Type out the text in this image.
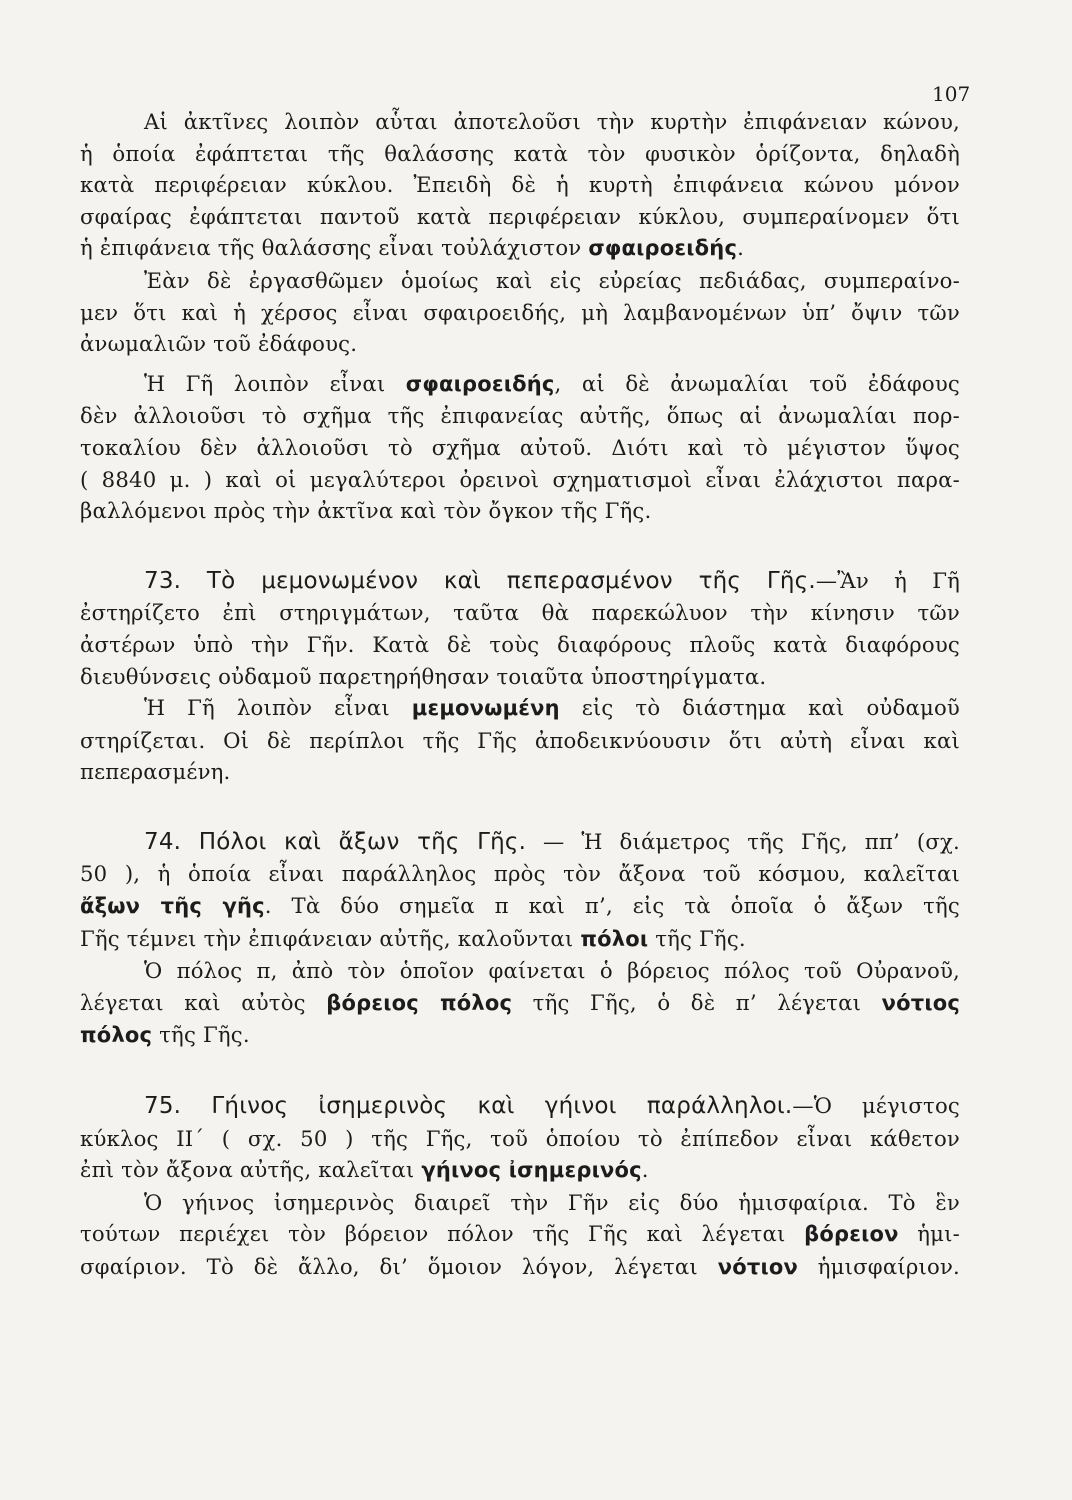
107

Αἱ ἀκτῖνες λοιπὸν αὗται ἀποτελοῦσι τὴν κυρτὴν ἐπιφάνειαν κώνου,

ἡ ὁποία ἐφάπτεται τῆς θαλάσσης κατὰ τὸν φυσικὸν ὁρίζοντα, δηλαδὴ

κατὰ περιφέρειαν κύκλου. Ἐπειδὴ δὲ ἡ κυρτὴ ἐπιφάνεια κώνου μόνον

σφαίρας ἐφάπτεται παντοῦ κατὰ περιφέρειαν κύκλου, συμπεραίνομεν ὅτι

ἡ ἐπιφάνεια τῆς θαλάσσης εἶναι τοὐλάχιστον σφαιροειδής.

Ἐὰν δὲ ἐργασθῶμεν ὁμοίως καὶ εἰς εὐρείας πεδιάδας, συμπεραίνο-

μεν ὅτι καὶ ἡ χέρσος εἶναι σφαιροειδής, μὴ λαμβανομένων ὑπ’ ὄψιν τῶν

ἀνωμαλιῶν τοῦ ἐδάφους.

Ἡ Γῆ λοιπὸν εἶναι σφαιροειδής, αἱ δὲ ἀνωμαλίαι τοῦ ἐδάφους

δὲν ἀλλοιοῦσι τὸ σχῆμα τῆς ἐπιφανείας αὐτῆς, ὅπως αἱ ἀνωμαλίαι πορ-

τοκαλίου δὲν ἀλλοιοῦσι τὸ σχῆμα αὐτοῦ. Διότι καὶ τὸ μέγιστον ὕψος

( 8840 μ. ) καὶ οἱ μεγαλύτεροι ὀρεινοὶ σχηματισμοὶ εἶναι ἐλάχιστοι παρα-

βαλλόμενοι πρὸς τὴν ἀκτῖνα καὶ τὸν ὄγκον τῆς Γῆς.

73. Τὸ μεμονωμένον καὶ πεπερασμένον τῆς Γῆς.—Ἂν ἡ Γῆ

ἐστηρίζετο ἐπὶ στηριγμάτων, ταῦτα θὰ παρεκώλυον τὴν κίνησιν τῶν

ἀστέρων ὑπὸ τὴν Γῆν. Κατὰ δὲ τοὺς διαφόρους πλοῦς κατὰ διαφόρους

διευθύνσεις οὐδαμοῦ παρετηρήθησαν τοιαῦτα ὑποστηρίγματα.

Ἡ Γῆ λοιπὸν εἶναι μεμονωμένη εἰς τὸ διάστημα καὶ οὐδαμοῦ

στηρίζεται. Οἱ δὲ περίπλοι τῆς Γῆς ἀποδεικνύουσιν ὅτι αὐτὴ εἶναι καὶ

πεπερασμένη.

74. Πόλοι καὶ ἄξων τῆς Γῆς. — Ἡ διάμετρος τῆς Γῆς, ππ’ (σχ.

50 ), ἡ ὁποία εἶναι παράλληλος πρὸς τὸν ἄξονα τοῦ κόσμου, καλεῖται

ἄξων τῆς γῆς. Τὰ δύο σημεῖα π καὶ π’, εἰς τὰ ὁποῖα ὁ ἄξων τῆς

Γῆς τέμνει τὴν ἐπιφάνειαν αὐτῆς, καλοῦνται πόλοι τῆς Γῆς.

Ὁ πόλος π, ἀπὸ τὸν ὁποῖον φαίνεται ὁ βόρειος πόλος τοῦ Οὐρανοῦ,

λέγεται καὶ αὐτὸς βόρειος πόλος τῆς Γῆς, ὁ δὲ π’ λέγεται νότιος

πόλος τῆς Γῆς.

75. Γήινος ἰσημερινὸς καὶ γήινοι παράλληλοι.—Ὁ μέγιστος

κύκλος ΙΙ΄ ( σχ. 50 ) τῆς Γῆς, τοῦ ὁποίου τὸ ἐπίπεδον εἶναι κάθετον

ἐπὶ τὸν ἄξονα αὐτῆς, καλεῖται γήινος ἰσημερινός.

Ὁ γήινος ἰσημερινὸς διαιρεῖ τὴν Γῆν εἰς δύο ἡμισφαίρια. Τὸ ἓν

τούτων περιέχει τὸν βόρειον πόλον τῆς Γῆς καὶ λέγεται βόρειον ἡμι-

σφαίριον. Τὸ δὲ ἄλλο, δι’ ὅμοιον λόγον, λέγεται νότιον ἡμισφαίριον.
